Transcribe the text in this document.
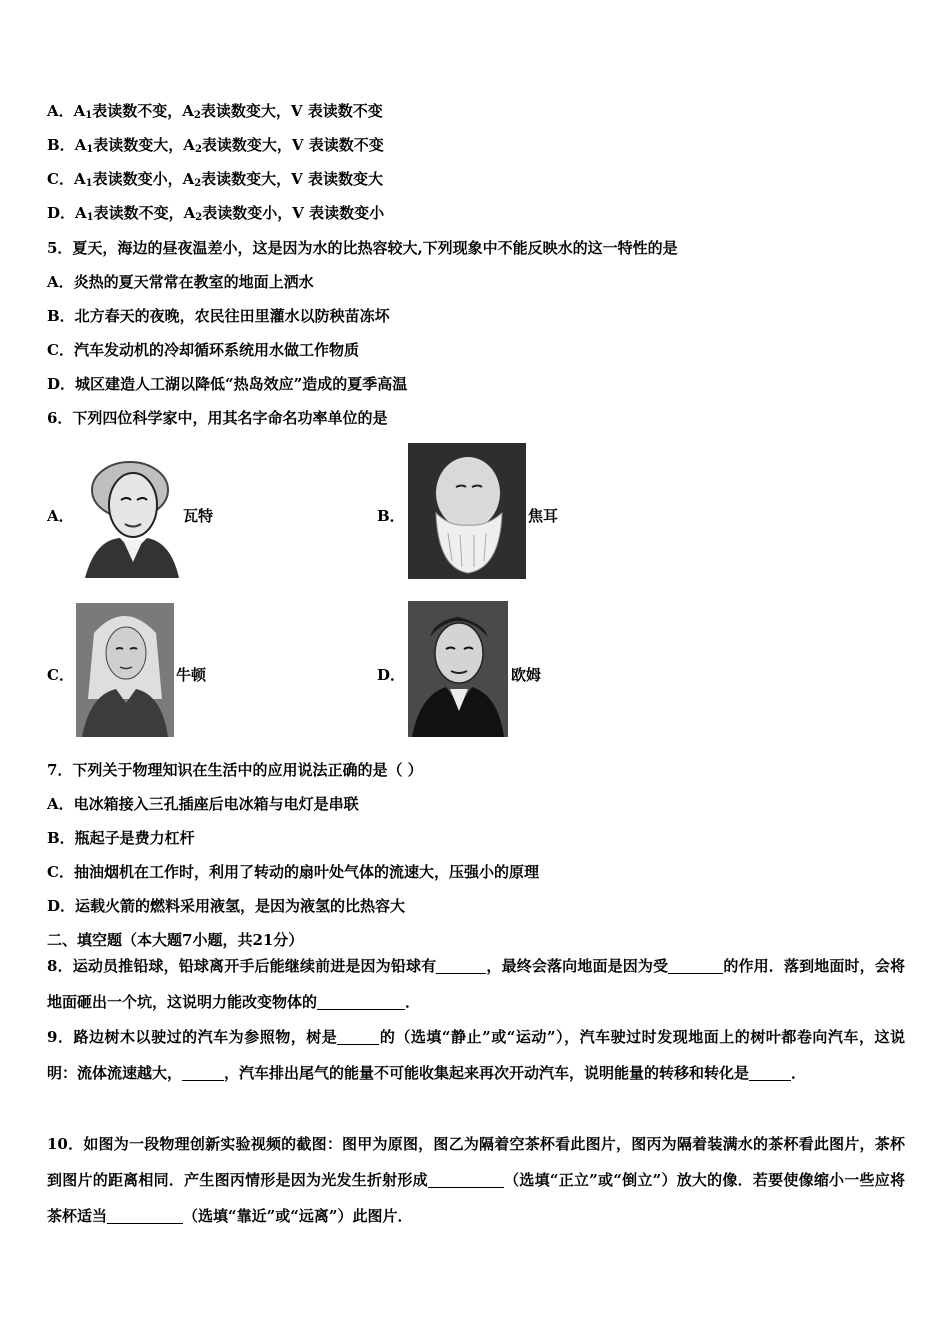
A．$A_1$表读数不变，$A_2$表读数变大，V 表读数不变
B．$A_1$表读数变大，$A_2$表读数变大，V 表读数不变
C．$A_1$表读数变小，$A_2$表读数变大，V 表读数变大
D．$A_1$表读数不变，$A_2$表读数变小，V 表读数变小
5．夏天，海边的昼夜温差小，这是因为水的比热容较大,下列现象中不能反映水的这一特性的是
A．炎热的夏天常常在教室的地面上洒水
B．北方春天的夜晚，农民往田里灌水以防秧苗冻坏
C．汽车发动机的冷却循环系统用水做工作物质
D．城区建造人工湖以降低“热岛效应”造成的夏季高温
6．下列四位科学家中，用其名字命名功率单位的是
A．	瓦特	B．	焦耳
C．	牛顿	D．	欧姆
7．下列关于物理知识在生活中的应用说法正确的是（ ）
A．电冰箱接入三孔插座后电冰箱与电灯是串联
B．瓶起子是费力杠杆
C．抽油烟机在工作时，利用了转动的扇叶处气体的流速大，压强小的原理
D．运载火箭的燃料采用液氢，是因为液氢的比热容大
二、填空题（本大题7小题，共21分）
8．运动员推铅球，铅球离开手后能继续前进是因为铅球有	，最终会落向地面是因为受	的作用．落到地面时，会将地面砸出一个坑，这说明力能改变物体的	．
9．路边树木以驶过的汽车为参照物，树是	的（选填“静止”或“运动”），汽车驶过时发现地面上的树叶都卷向汽车，这说明：流体流速越大，	，汽车排出尾气的能量不可能收集起来再次开动汽车，说明能量的转移和转化是	．
10．如图为一段物理创新实验视频的截图：图甲为原图，图乙为隔着空茶杯看此图片，图丙为隔着装满水的茶杯看此图片，茶杯到图片的距离相同．产生图丙情形是因为光发生折射形成	（选填“正立”或“倒立”）放大的像．若要使像缩小一些应将茶杯适当	（选填“靠近”或“远离”）此图片．
